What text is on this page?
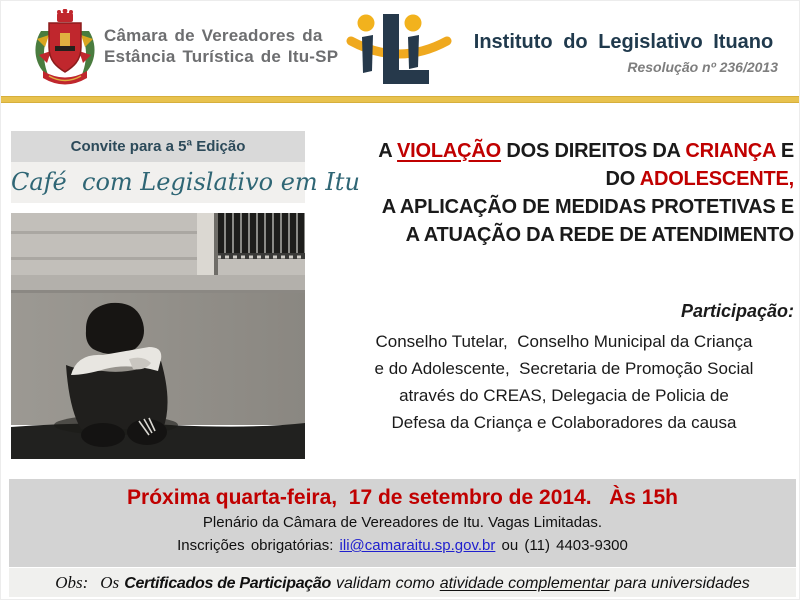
Câmara de Vereadores da
Estância Turística de Itu-SP
Instituto do Legislativo Ituano
Resolução nº 236/2013
Convite para a 5ª Edição
Café  com Legislativo em Itu
A VIOLAÇÃO DOS DIREITOS DA CRIANÇA E
DO ADOLESCENTE,
A APLICAÇÃO DE MEDIDAS PROTETIVAS E
A ATUAÇÃO DA REDE DE ATENDIMENTO
Participação:
Conselho Tutelar,  Conselho Municipal da Criança
e do Adolescente,  Secretaria de Promoção Social
através do CREAS, Delegacia de Policia de
Defesa da Criança e Colaboradores da causa
Próxima quarta-feira,  17 de setembro de 2014.   Às 15h
Plenário da Câmara de Vereadores de Itu. Vagas Limitadas.
Inscrições obrigatórias: ili@camaraitu.sp.gov.br ou (11) 4403-9300
Obs: Os Certificados de Participação validam como atividade complementar para universidades
